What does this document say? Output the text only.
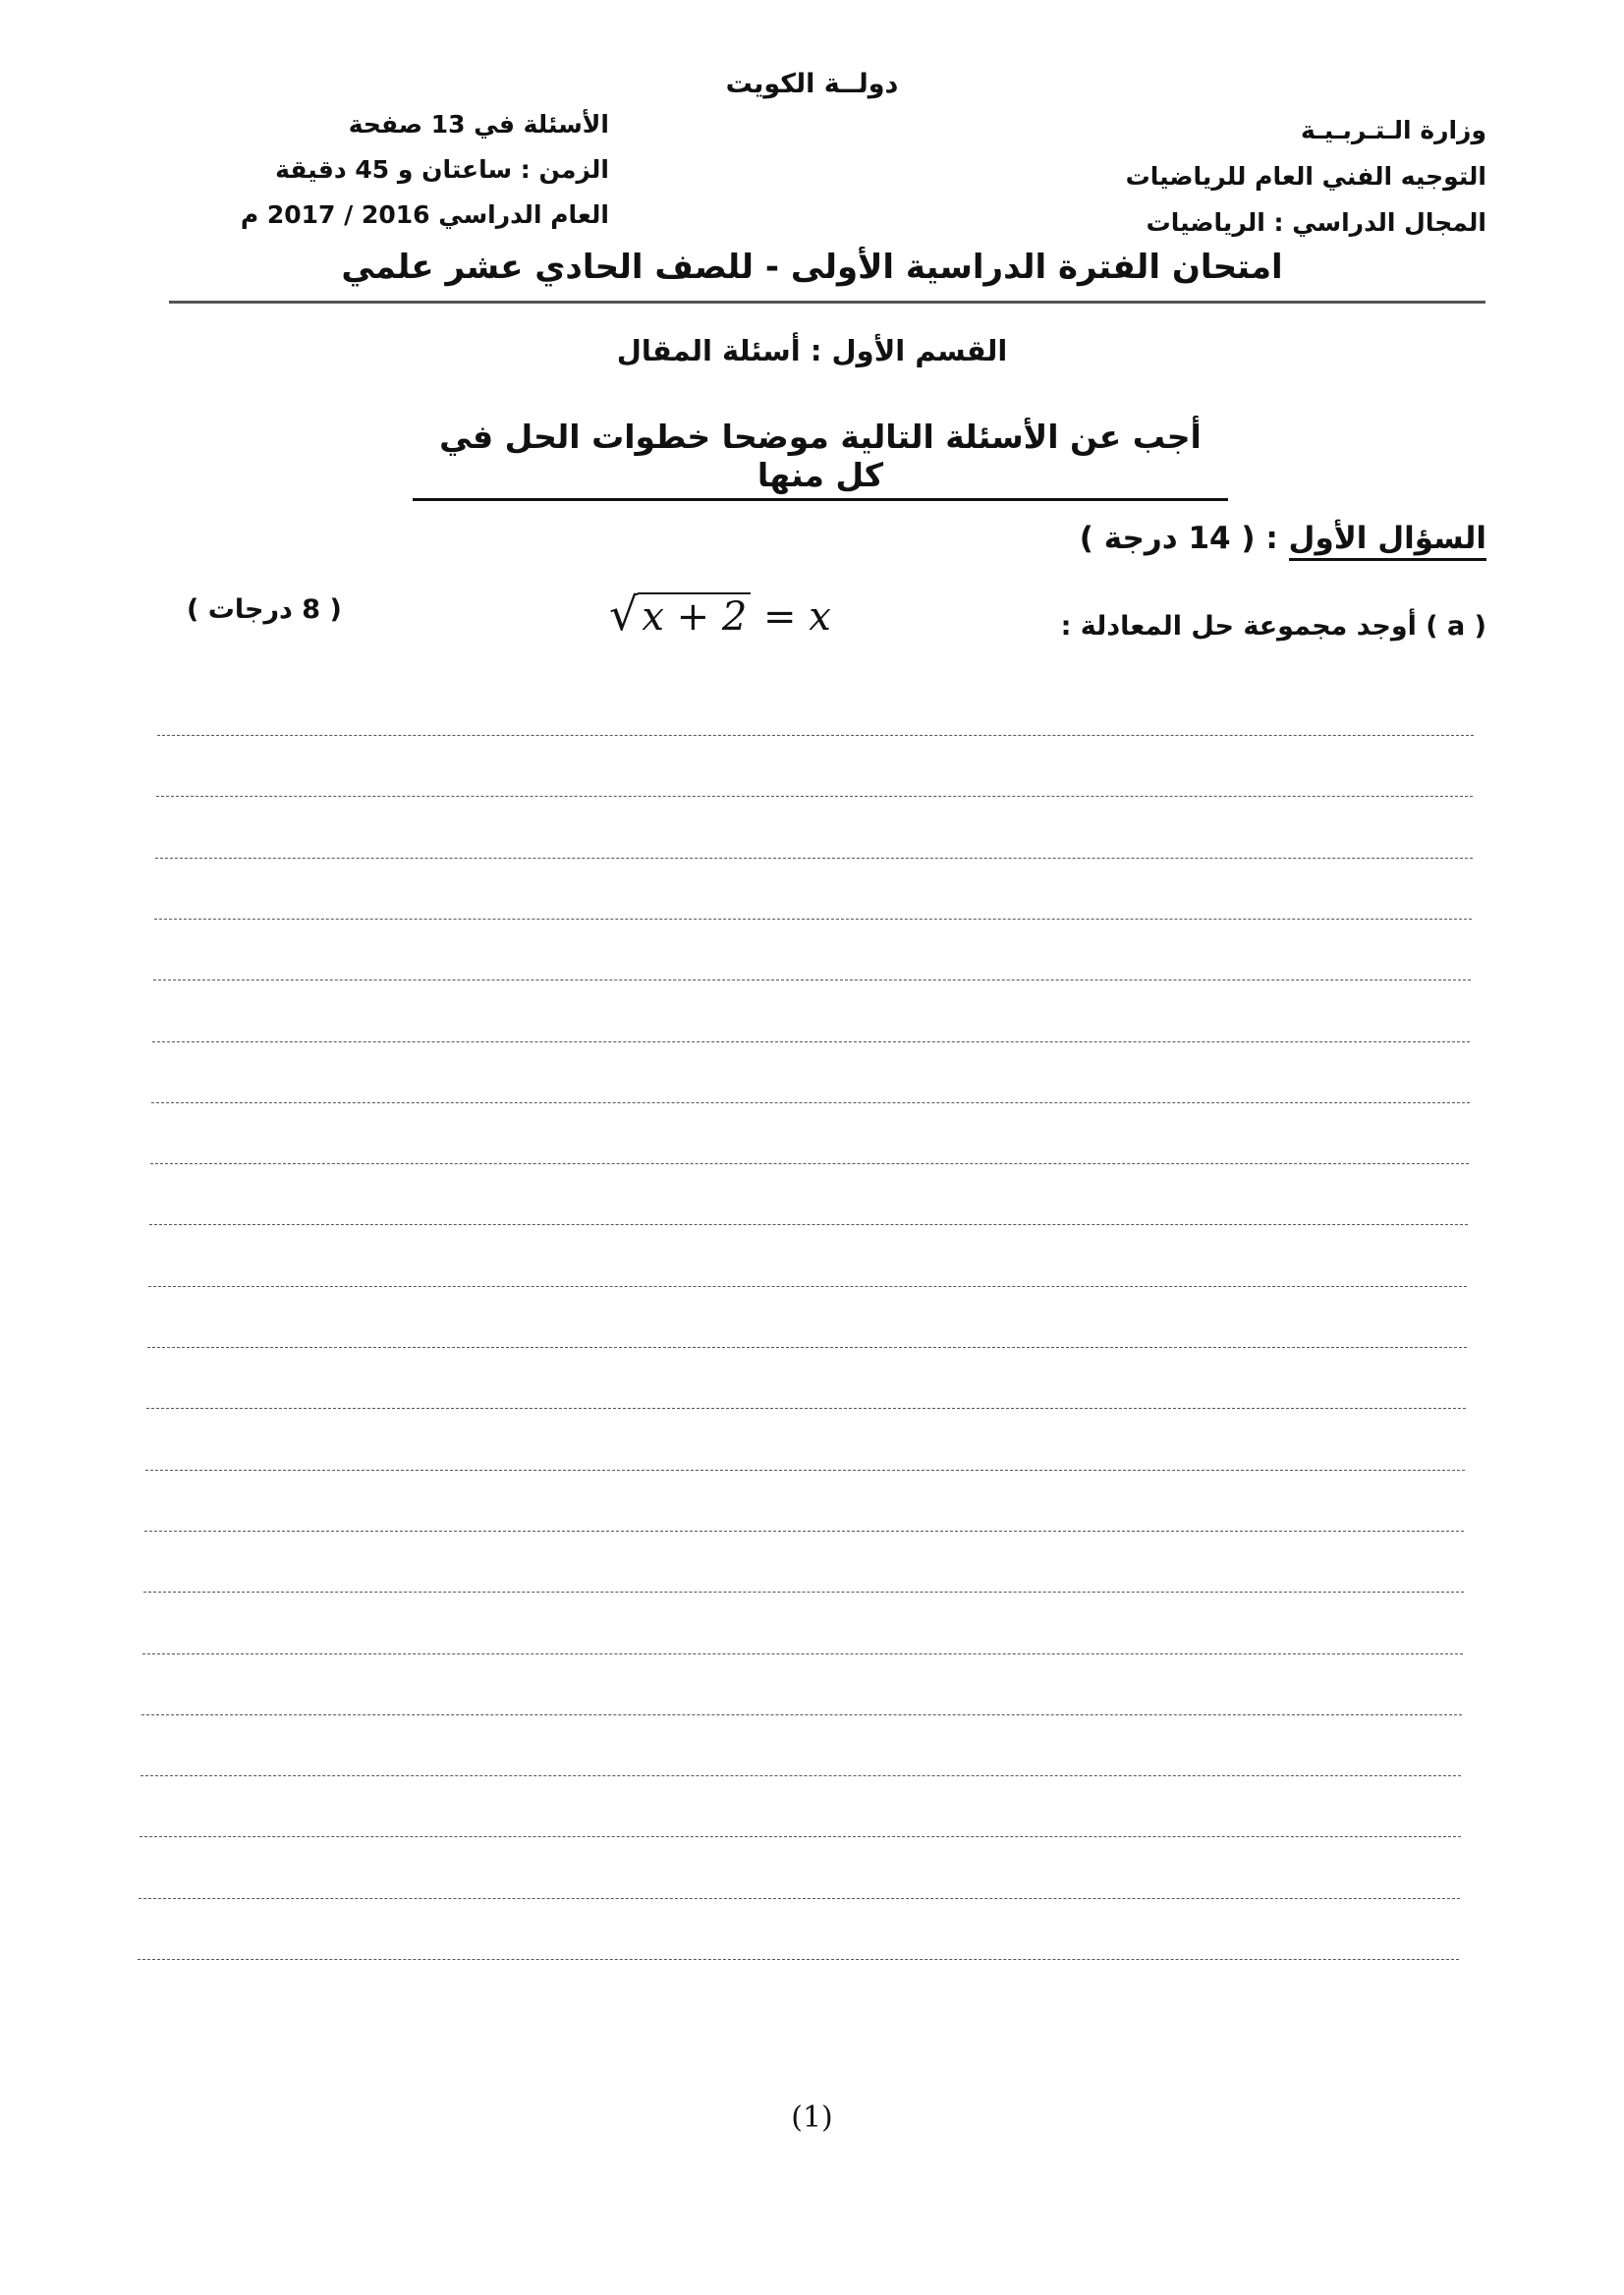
دولــة الكويت
وزارة الـتـربـيـة
التوجيه الفني العام للرياضيات
المجال الدراسي : الرياضيات
الأسئلة في 13 صفحة
الزمن : ساعتان و 45 دقيقة
العام الدراسي 2016 / 2017 م
امتحان الفترة الدراسية الأولى - للصف الحادي عشر علمي
القسم الأول : أسئلة المقال
أجب عن الأسئلة التالية موضحا خطوات الحل في كل منها
السؤال الأول : ( 14 درجة )
( a ) أوجد مجموعة حل المعادلة :
√ x + 2 = x
( 8 درجات )
(1)
